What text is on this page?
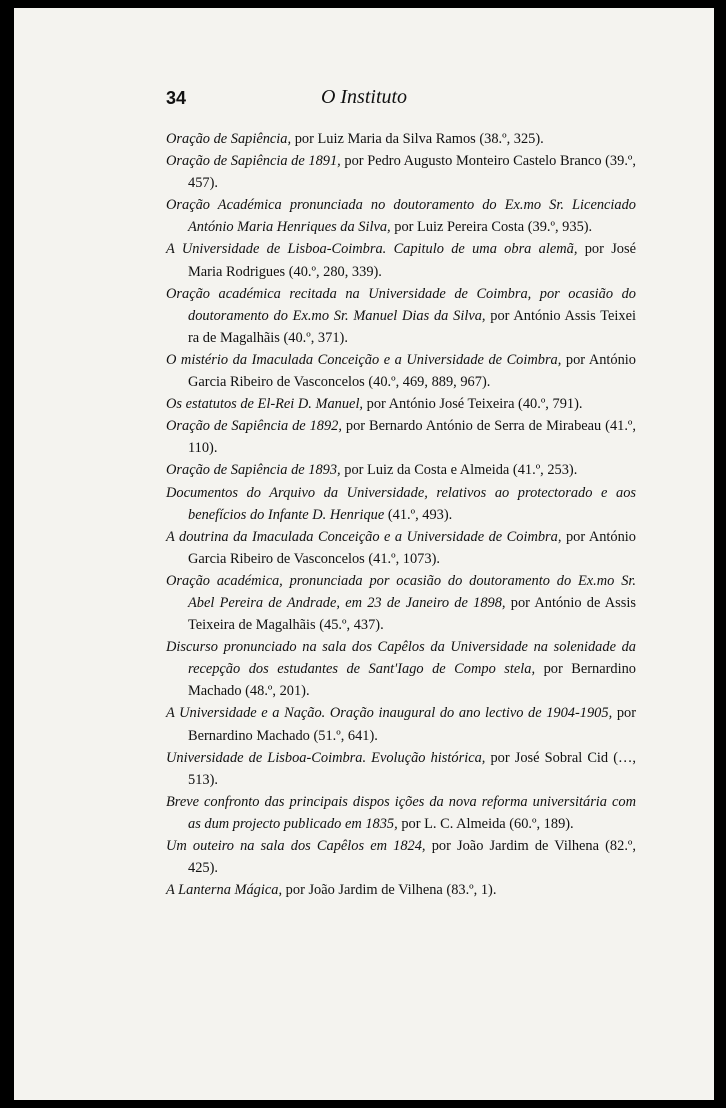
34	O Instituto

Oração de Sapiência, por Luiz Maria da Silva Ramos (38.º, 325).

Oração de Sapiência de 1891, por Pedro Augusto Monteiro Castelo Branco (39.º, 457).

Oração Académica pronunciada no doutoramento do Ex.mo Sr. Licenciado António Maria Henriques da Silva, por Luiz Pereira Costa (39.º, 935).

A Universidade de Lisboa-Coimbra. Capitulo de uma obra alemã, por José Maria Rodrigues (40.º, 280, 339).

Oração académica recitada na Universidade de Coimbra, por ocasião do doutoramento do Ex.mo Sr. Manuel Dias da Silva, por António Assis Teixei ra de Magalhãis (40.º, 371).

O mistério da Imaculada Conceição e a Universidade de Coimbra, por António Garcia Ribeiro de Vasconcelos (40.º, 469, 889, 967).

Os estatutos de El-Rei D. Manuel, por António José Teixeira (40.º, 791).

Oração de Sapiência de 1892, por Bernardo António de Serra de Mirabeau (41.º, 110).

Oração de Sapiência de 1893, por Luiz da Costa e Almeida (41.º, 253).

Documentos do Arquivo da Universidade, relativos ao protectorado e aos benefícios do Infante D. Henrique (41.º, 493).

A doutrina da Imaculada Conceição e a Universidade de Coimbra, por António Garcia Ribeiro de Vasconcelos (41.º, 1073).

Oração académica, pronunciada por ocasião do doutoramento do Ex.mo Sr. Abel Pereira de Andrade, em 23 de Janeiro de 1898, por António de Assis Teixeira de Magalhãis (45.º, 437).

Discurso pronunciado na sala dos Capêlos da Universidade na solenidade da recepção dos estudantes de Sant'Iago de Compo stela, por Bernardino Machado (48.º, 201).

A Universidade e a Nação. Oração inaugural do ano lectivo de 1904-1905, por Bernardino Machado (51.º, 641).

Universidade de Lisboa-Coimbra. Evolução histórica, por José Sobral Cid (…, 513).

Breve confronto das principais dispos ições da nova reforma universitária com as dum projecto publicado em 1835, por L. C. Almeida (60.º, 189).

Um outeiro na sala dos Capêlos em 1824, por João Jardim de Vilhena (82.º, 425).

A Lanterna Mágica, por João Jardim de Vilhena (83.º, 1).
